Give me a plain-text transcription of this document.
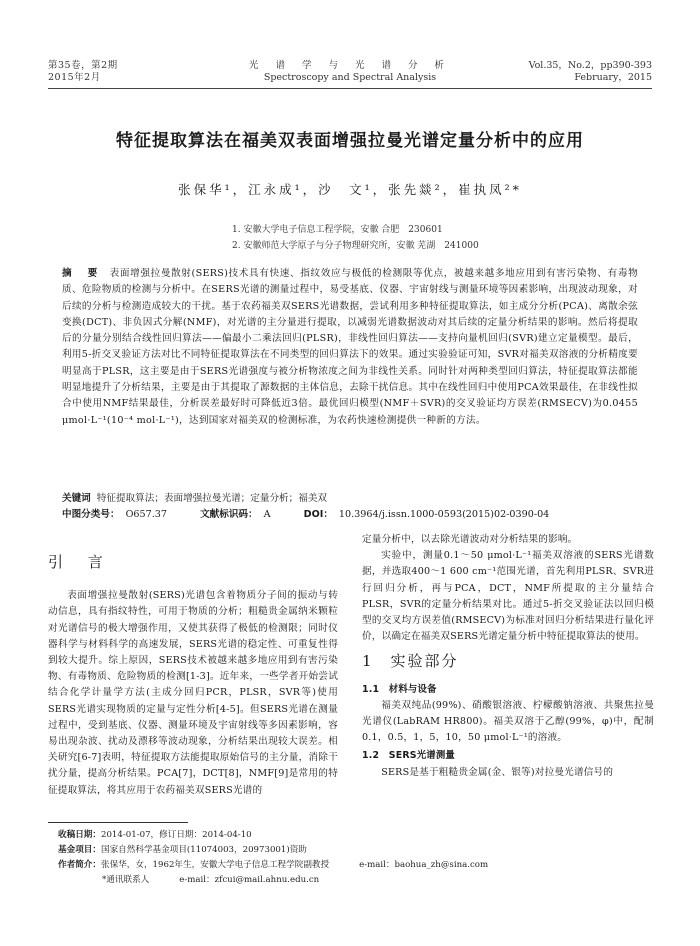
第35卷，第2期
2015年2月
光 谱 学 与 光 谱 分 析
Spectroscopy and Spectral Analysis
Vol.35，No.2，pp390-393
February，2015
特征提取算法在福美双表面增强拉曼光谱定量分析中的应用
张保华¹，江永成¹，沙　文¹，张先燚²，崔执凤²*
1. 安徽大学电子信息工程学院，安徽 合肥　230601
2. 安徽师范大学原子与分子物理研究所，安徽 芜湖　241000
摘 要 表面增强拉曼散射(SERS)技术具有快速、指纹效应与极低的检测限等优点，被越来越多地应用到有害污染物、有毒物质、危险物质的检测与分析中。在SERS光谱的测量过程中，易受基底、仪器、宇宙射线与测量环境等因素影响，出现波动现象，对后续的分析与检测造成较大的干扰。基于农药福美双SERS光谱数据，尝试利用多种特征提取算法，如主成分分析(PCA)、离散余弦变换(DCT)、非负因式分解(NMF)，对光谱的主分量进行提取，以减弱光谱数据波动对其后续的定量分析结果的影响。然后将提取后的分量分别结合线性回归算法——偏最小二乘法回归(PLSR)，非线性回归算法——支持向量机回归(SVR)建立定量模型。最后，利用5-折交叉验证方法对比不同特征提取算法在不同类型的回归算法下的效果。通过实验验证可知，SVR对福美双溶液的分析精度要明显高于PLSR，这主要是由于SERS光谱强度与被分析物浓度之间为非线性关系。同时针对两种类型回归算法，特征提取算法都能明显地提升了分析结果，主要是由于其提取了源数据的主体信息，去除干扰信息。其中在线性回归中使用PCA效果最佳，在非线性拟合中使用NMF结果最佳，分析误差最好时可降低近3倍。最优回归模型(NMF＋SVR)的交叉验证均方误差(RMSECV)为0.0455 μmol·L⁻¹(10⁻⁴ mol·L⁻¹)，达到国家对福美双的检测标准，为农药快速检测提供一种新的方法。
关键词 特征提取算法；表面增强拉曼光谱；定量分析；福美双
中图分类号： O657.37	文献标识码： A	DOI： 10.3964/j.issn.1000-0593(2015)02-0390-04
引 言

表面增强拉曼散射(SERS)光谱包含着物质分子间的振动与转动信息，具有指纹特性，可用于物质的分析；粗糙贵金属纳米颗粒对光谱信号的极大增强作用，又使其获得了极低的检测限；同时仪器科学与材料科学的高速发展，SERS光谱的稳定性、可重复性得到较大提升。综上原因，SERS技术被越来越多地应用到有害污染物、有毒物质、危险物质的检测[1-3]。近年来，一些学者开始尝试结合化学计量学方法(主成分回归PCR，PLSR，SVR等)使用SERS光谱实现物质的定量与定性分析[4-5]。但SERS光谱在测量过程中，受到基底、仪器、测量环境及宇宙射线等多因素影响，容易出现杂波、扰动及漂移等波动现象，分析结果出现较大误差。相关研究[6-7]表明，特征提取方法能提取原始信号的主分量，消除干扰分量，提高分析结果。PCA[7]，DCT[8]，NMF[9]是常用的特征提取算法，将其应用于农药福美双SERS光谱的

定量分析中，以去除光谱波动对分析结果的影响。

实验中，测量0.1～50 μmol·L⁻¹福美双溶液的SERS光谱数据，并选取400～1 600 cm⁻¹范围光谱，首先利用PLSR、SVR进行回归分析，再与PCA，DCT，NMF所提取的主分量结合PLSR，SVR的定量分析结果对比。通过5-折交叉验证法以回归模型的交叉均方误差值(RMSECV)为标准对回归分析结果进行量化评价，以确定在福美双SERS光谱定量分析中特征提取算法的使用。

1　实验部分
1.1　材料与设备

福美双纯品(99%)、硝酸银溶液、柠檬酸钠溶液、共聚焦拉曼光谱仪(LabRAM HR800)。福美双溶于乙醇(99%，φ)中，配制0.1，0.5，1，5，10，50 μmol·L⁻¹的溶液。

1.2　SERS光谱测量

SERS是基于粗糙贵金属(金、银等)对拉曼光谱信号的

收稿日期：2014-01-07，修订日期：2014-04-10
基金项目：国家自然科学基金项目(11074003，20973001)资助
作者简介：张保华，女，1962年生，安徽大学电子信息工程学院副教授	e-mail：baohua_zh@sina.com
*通讯联系人	e-mail：zfcui@mail.ahnu.edu.cn
